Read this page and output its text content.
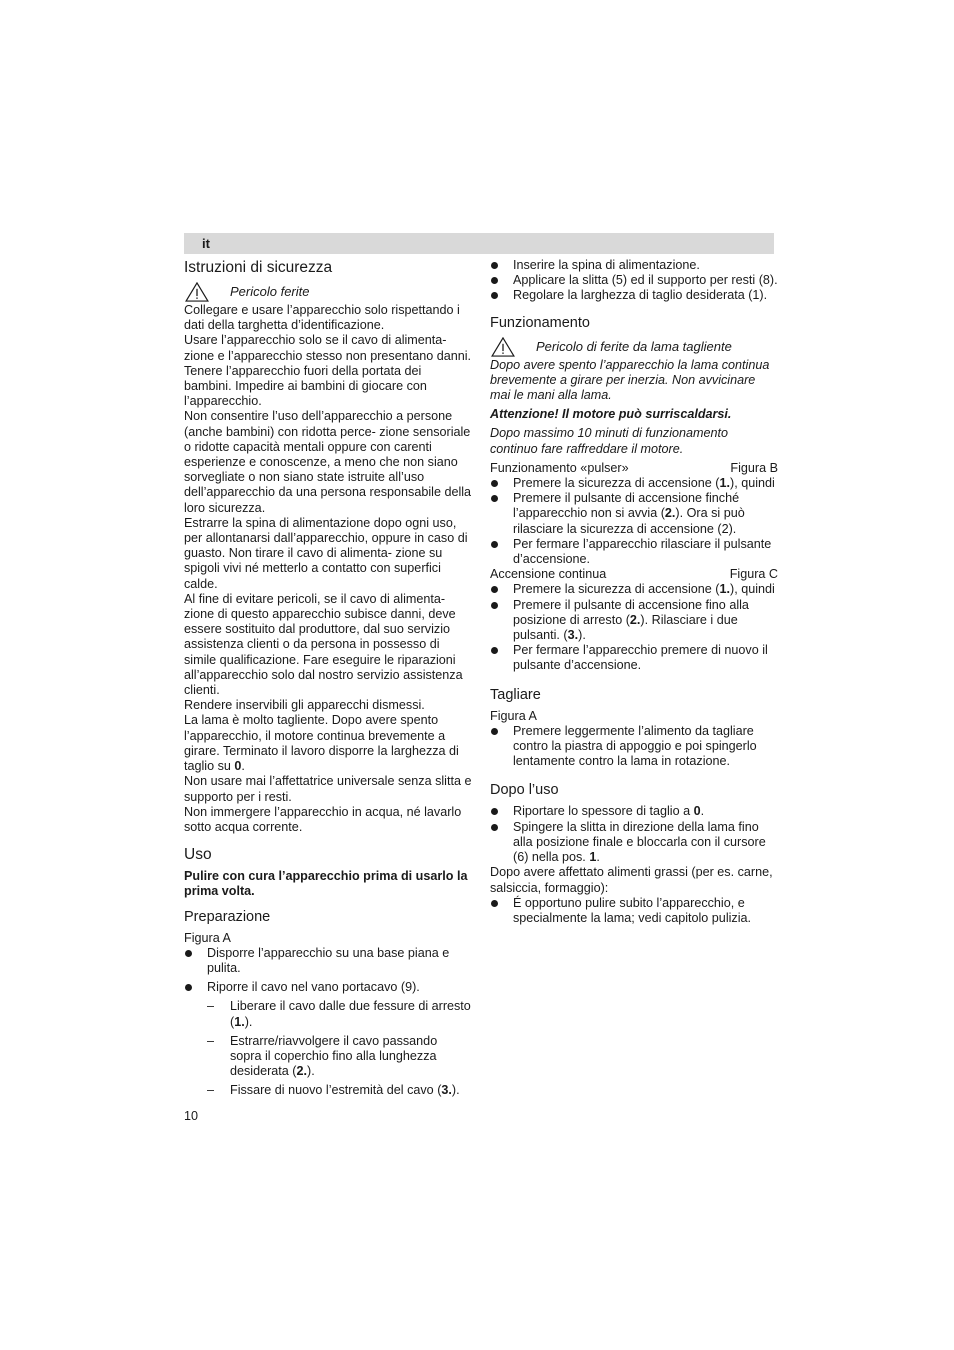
it
Istruzioni di sicurezza
Pericolo ferite

Collegare e usare l’apparecchio solo rispettando i dati della targhetta d’identificazione.

Usare l’apparecchio solo se il cavo di alimenta- zione e l’apparecchio stesso non presentano danni.

Tenere l’apparecchio fuori della portata dei bambini. Impedire ai bambini di giocare con l’apparecchio.

Non consentire l’uso dell’apparecchio a persone (anche bambini) con ridotta perce- zione sensoriale o ridotte capacità mentali oppure con carenti esperienze e conoscenze, a meno che non siano sorvegliate o non siano state istruite all’uso dell’apparecchio da una persona responsabile della loro sicurezza.

Estrarre la spina di alimentazione dopo ogni uso, per allontanarsi dall’apparecchio, oppure in caso di guasto. Non tirare il cavo di alimenta- zione su spigoli vivi né metterlo a contatto con superfici calde.

Al fine di evitare pericoli, se il cavo di alimenta- zione di questo apparecchio subisce danni, deve essere sostituito dal produttore, dal suo servizio assistenza clienti o da persona in possesso di simile qualificazione. Fare eseguire le riparazioni all’apparecchio solo dal nostro servizio assistenza clienti.

Rendere inservibili gli apparecchi dismessi.

La lama è molto tagliente. Dopo avere spento l’apparecchio, il motore continua brevemente a girare. Terminato il lavoro disporre la larghezza di taglio su 0.

Non usare mai l’affettatrice universale senza slitta e supporto per i resti.

Non immergere l’apparecchio in acqua, né lavarlo sotto acqua corrente.

Uso

Pulire con cura l’apparecchio prima di usarlo la prima volta.

Preparazione

Figura A

Disporre l’apparecchio su una base piana e pulita.
Riporre il cavo nel vano portacavo (9).
– Liberare il cavo dalle due fessure di arresto (1.).
– Estrarre/riavvolgere il cavo passando sopra il coperchio fino alla lunghezza desiderata (2.).
– Fissare di nuovo l’estremità del cavo (3.).
Inserire la spina di alimentazione.
Applicare la slitta (5) ed il supporto per resti (8).
Regolare la larghezza di taglio desiderata (1).
Funzionamento
Pericolo di ferite da lama tagliente

Dopo avere spento l’apparecchio la lama continua brevemente a girare per inerzia. Non avvicinare mai le mani alla lama.

Attenzione! Il motore può surriscaldarsi.

Dopo massimo 10 minuti di funzionamento continuo fare raffreddare il motore.

Funzionamento «pulser»	Figura B
Premere la sicurezza di accensione (1.), quindi
Premere il pulsante di accensione finché l’apparecchio non si avvia (2.). Ora si può rilasciare la sicurezza di accensione (2).
Per fermare l’apparecchio rilasciare il pulsante d’accensione.
Accensione continua	Figura C
Premere la sicurezza di accensione (1.), quindi
Premere il pulsante di accensione fino alla posizione di arresto (2.). Rilasciare i due pulsanti. (3.).
Per fermare l’apparecchio premere di nuovo il pulsante d’accensione.
Tagliare

Figura A

Premere leggermente l’alimento da tagliare contro la piastra di appoggio e poi spingerlo lentamente contro la lama in rotazione.
Dopo l’uso
Riportare lo spessore di taglio a 0.
Spingere la slitta in direzione della lama fino alla posizione finale e bloccarla con il cursore (6) nella pos. 1.

Dopo avere affettato alimenti grassi (per es. carne, salsiccia, formaggio):

É opportuno pulire subito l’apparecchio, e specialmente la lama; vedi capitolo pulizia.
10
